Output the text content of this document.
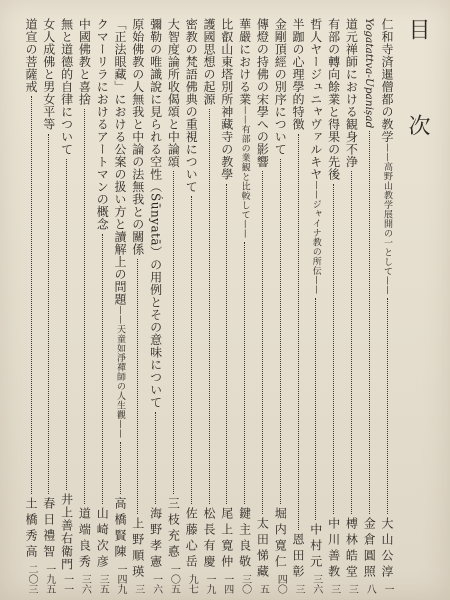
目　次
仁和寺済暹僧都の教学——高野山教学展開の一として——
大山公淳
一
Yogatattva-Upanișad
金倉圓照
八
道元禅師における観身不浄
榑林皓堂
三
有部の轉向餘業と得果の先後
中川善教
三
哲人ヤージュニャヴァルキヤ——ジャイナ教の所伝——
中村元
三六
半跏の心理學的特徴
恩田彰
三
金剛頂經の別序について
堀内寛仁
四〇
傳燈の持佛の宋學への影響
太田悌藏
五
華嚴における業——有部の業観と比較して——
鍵主良敬
三〇
比叡山東塔別所神藏寺の教學
尾上寛仲
一四
護國思想の起源
松長有慶
一九
密教の梵語佛典の重視について
佐藤心岳
九七
大智度論所收偈頌と中論頌
三枝充悳
一〇五
彌勒の唯識說に見られる空性（Śūnyatā）の用例とその意味について
海野孝憲
一六
原始佛教の人無我と中論の法無我との關係
上野順瑛
三
「正法眼藏」における公案の扱い方と讀解上の問題——天童如淨禪師の人生觀——
高橋賢陳
一四九
クマーリラにおけるアートマンの概念
山崎次彦
三五
中國佛教と喜捨
道端良秀
三六
無と道德的自律について
井上善右衛門
一一
女人成佛と男女平等
春日禮智
一九五
道宣の菩薩戒
土橋秀高
二〇三
